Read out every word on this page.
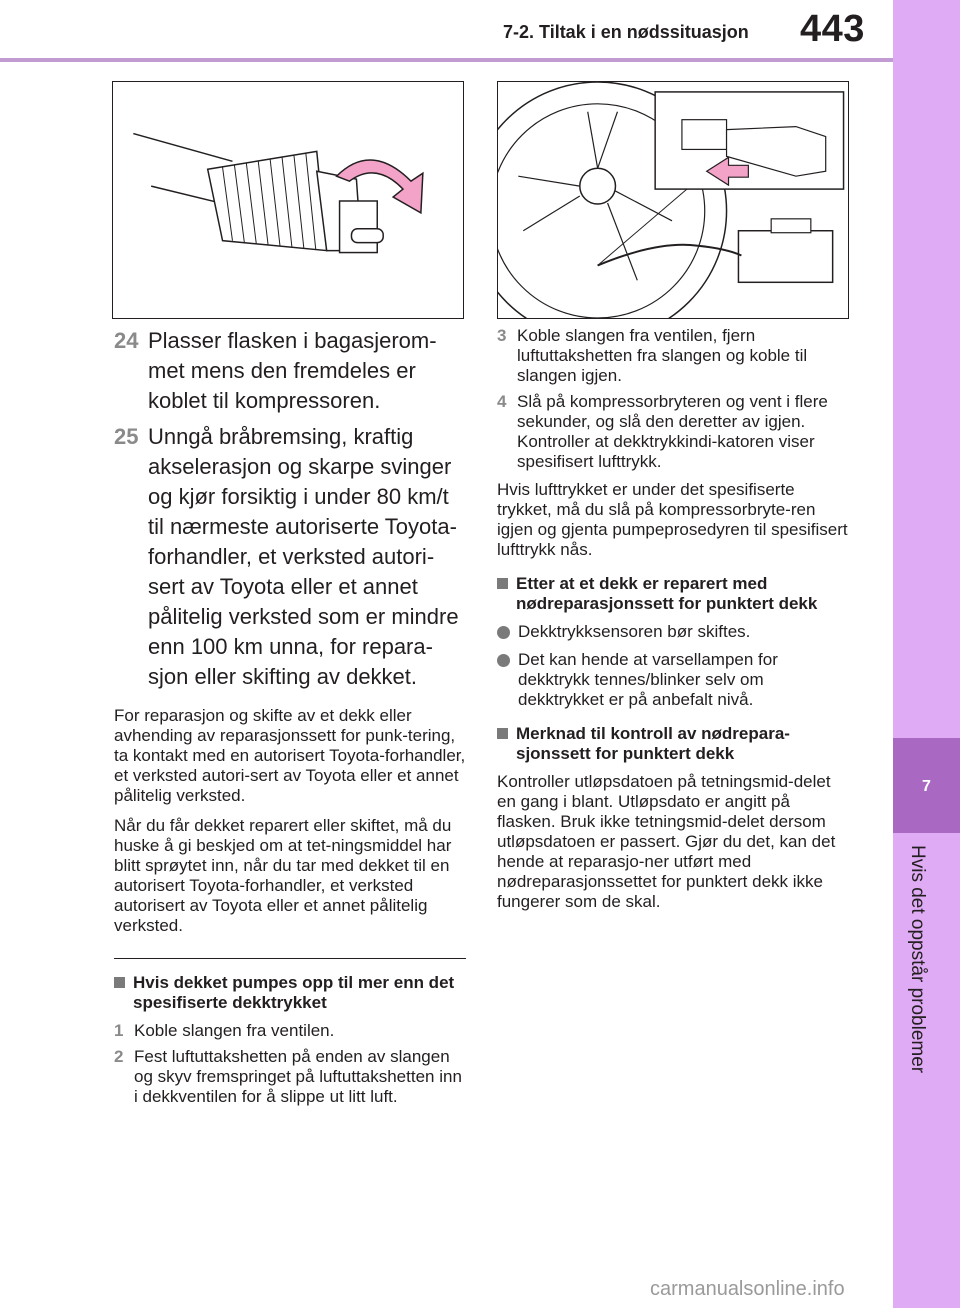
7-2. Tiltak i en nødssituasjon 443
7
Hvis det oppstår problemer
24 Plasser flasken i bagasjerom-met mens den fremdeles er koblet til kompressoren.
25 Unngå bråbremsing, kraftig akselerasjon og skarpe svinger og kjør forsiktig i under 80 km/t til nærmeste autoriserte Toyota-forhandler, et verksted autori-sert av Toyota eller et annet pålitelig verksted som er mindre enn 100 km unna, for repara-sjon eller skifting av dekket.

For reparasjon og skifte av et dekk eller avhending av reparasjonssett for punk-tering, ta kontakt med en autorisert Toyota-forhandler, et verksted autori-sert av Toyota eller et annet pålitelig verksted.

Når du får dekket reparert eller skiftet, må du huske å gi beskjed om at tet-ningsmiddel har blitt sprøytet inn, når du tar med dekket til en autorisert Toyota-forhandler, et verksted autorisert av Toyota eller et annet pålitelig verksted.

Hvis dekket pumpes opp til mer enn det spesifiserte dekktrykket
1 Koble slangen fra ventilen.
2 Fest luftuttakshetten på enden av slangen og skyv fremspringet på luftuttakshetten inn i dekkventilen for å slippe ut litt luft.
3 Koble slangen fra ventilen, fjern luftuttakshetten fra slangen og koble til slangen igjen.
4 Slå på kompressorbryteren og vent i flere sekunder, og slå den deretter av igjen. Kontroller at dekktrykkindi-katoren viser spesifisert lufttrykk.

Hvis lufttrykket er under det spesifiserte trykket, må du slå på kompressorbryte-ren igjen og gjenta pumpeprosedyren til spesifisert lufttrykk nås.

Etter at et dekk er reparert med nødreparasjonssett for punktert dekk
Dekktrykksensoren bør skiftes.
Det kan hende at varsellampen for dekktrykk tennes/blinker selv om dekktrykket er på anbefalt nivå.
Merknad til kontroll av nødrepara-sjonssett for punktert dekk

Kontroller utløpsdatoen på tetningsmid-delet en gang i blant. Utløpsdato er angitt på flasken. Bruk ikke tetningsmid-delet dersom utløpsdatoen er passert. Gjør du det, kan det hende at reparasjo-ner utført med nødreparasjonssettet for punktert dekk ikke fungerer som de skal.

carmanualsonline.info
